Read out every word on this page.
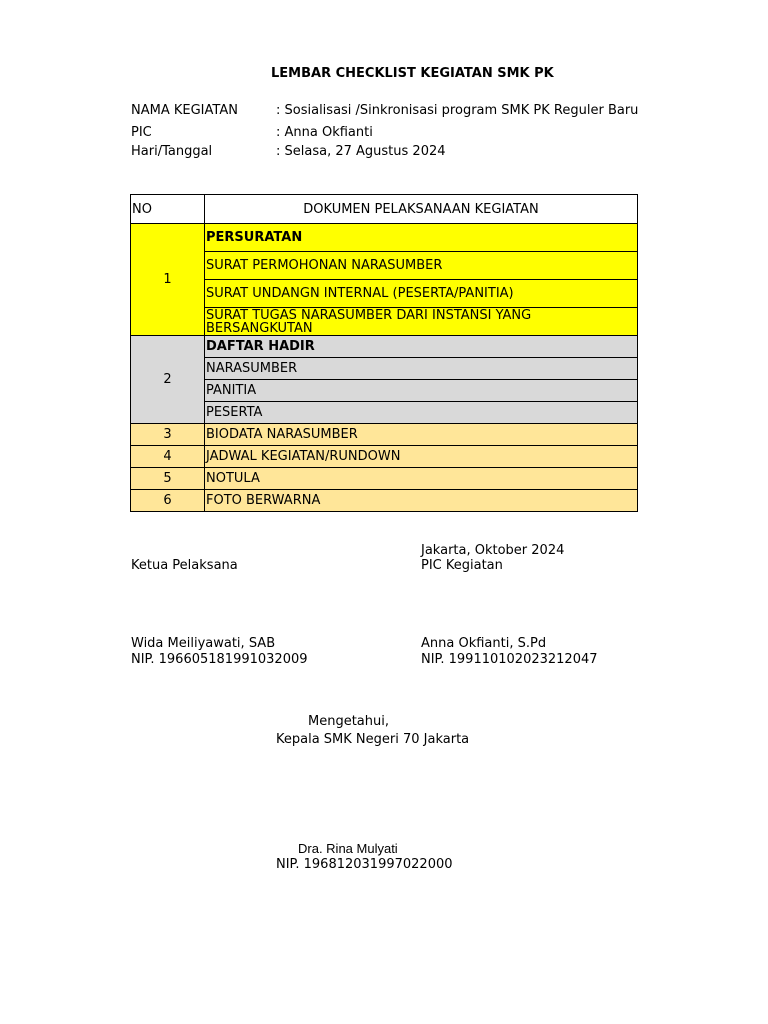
LEMBAR CHECKLIST KEGIATAN SMK PK
NAMA KEGIATAN	: Sosialisasi /Sinkronisasi program SMK PK Reguler Baru
PIC	: Anna Okfianti
Hari/Tanggal	: Selasa, 27 Agustus 2024
NO	DOKUMEN PELAKSANAAN KEGIATAN
1	PERSURATAN
	SURAT PERMOHONAN NARASUMBER
	SURAT UNDANGN INTERNAL (PESERTA/PANITIA)
	SURAT TUGAS NARASUMBER DARI INSTANSI YANG BERSANGKUTAN
2	DAFTAR HADIR
	NARASUMBER
	PANITIA
	PESERTA
3	BIODATA NARASUMBER
4	JADWAL KEGIATAN/RUNDOWN
5	NOTULA
6	FOTO BERWARNA
Jakarta, Oktober 2024
Ketua Pelaksana	PIC Kegiatan
Wida Meiliyawati, SAB
NIP. 196605181991032009
Anna Okfianti, S.Pd
NIP. 199110102023212047
Mengetahui,
Kepala SMK Negeri 70 Jakarta
Dra. Rina Mulyati
NIP. 196812031997022000
